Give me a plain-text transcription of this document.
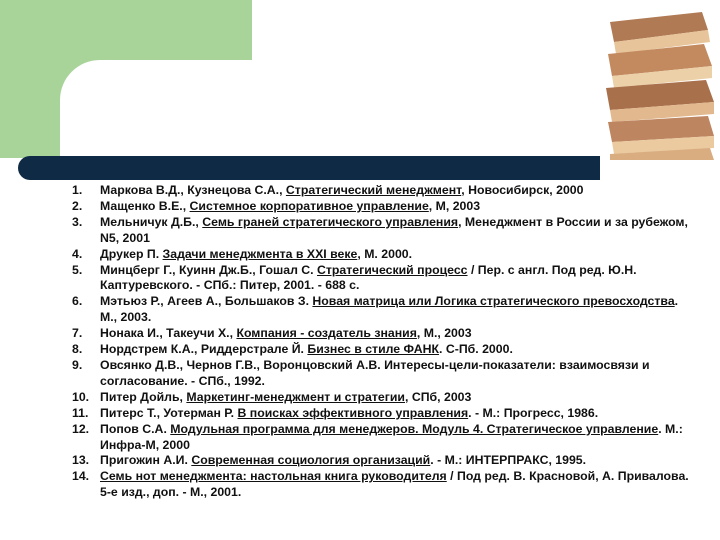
1.	Маркова В.Д., Кузнецова С.А., Стратегический менеджмент, Новосибирск, 2000
2.	Мащенко В.Е., Системное корпоративное управление, М, 2003
3.	Мельничук Д.Б., Семь граней стратегического управления, Менеджмент в России и за рубежом, N5, 2001
4.	Друкер П. Задачи менеджмента в XXI веке, М. 2000.
5.	Минцберг Г., Куинн Дж.Б., Гошал С. Стратегический процесс / Пер. с англ. Под ред. Ю.Н. Каптуревского. - СПб.: Питер, 2001. - 688 с.
6.	Мэтьюз Р., Агеев А., Большаков З. Новая матрица или Логика стратегического превосходства. М., 2003.
7.	Нонака И., Такеучи Х., Компания - создатель знания, М., 2003
8.	Нордстрем К.А., Риддерстрале Й. Бизнес в стиле ФАНК. С-Пб. 2000.
9.	Овсянко Д.В., Чернов Г.В., Воронцовский А.В. Интересы-цели-показатели: взаимосвязи и согласование. - СПб., 1992.
10. Питер Дойль, Маркетинг-менеджмент и стратегии, СПб, 2003
11. Питерс Т., Уотерман Р. В поисках эффективного управления. - М.: Прогресс, 1986.
12. Попов С.А. Модульная программа для менеджеров. Модуль 4. Стратегическое управление. М.: Инфра-М, 2000
13. Пригожин А.И. Современная социология организаций. - М.: ИНТЕРПРАКС, 1995.
14. Семь нот менеджмента: настольная книга руководителя / Под ред. В. Красновой, А. Привалова. 5-е изд., доп. - М., 2001.
